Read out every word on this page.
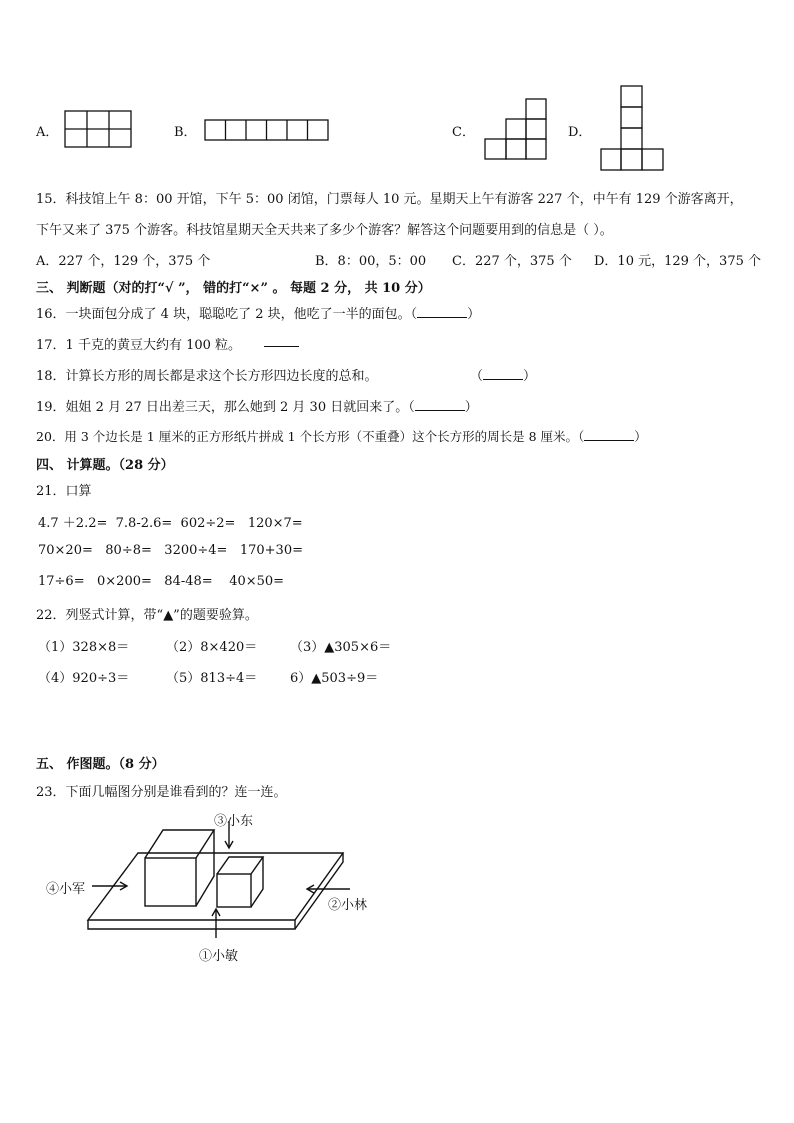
A．	B．	C．	D．
15．科技馆上午 8：00 开馆，下午 5：00 闭馆，门票每人 10 元。星期天上午有游客 227 个，中午有 129 个游客离开，
下午又来了 375 个游客。科技馆星期天全天共来了多少个游客？解答这个问题要用到的信息是（ ）。
A．227 个，129 个，375 个	B．8：00，5：00 C．227 个，375 个 D．10 元，129 个，375 个
三、 判断题（对的打“√ ”， 错的打“×” 。 每题 2 分， 共 10 分）
16．一块面包分成了 4 块，聪聪吃了 2 块，他吃了一半的面包。（	）
17．1 千克的黄豆大约有 100 粒。
18．计算长方形的周长都是求这个长方形四边长度的总和。	（	）
19．姐姐 2 月 27 日出差三天，那么她到 2 月 30 日就回来了。（	）
20．用 3 个边长是 1 厘米的正方形纸片拼成 1 个长方形（不重叠）这个长方形的周长是 8 厘米。（	）
四、 计算题。（28 分）
21．口算
4.7 ＋2.2= 7.8-2.6= 602÷2= 120×7=
70×20= 80÷8= 3200÷4= 170+30=
17÷6= 0×200= 84-48= 40×50=
22．列竖式计算，带“▲”的题要验算。
（1）328×8＝	（2）8×420＝	（3）▲305×6＝
（4）920÷3＝	（5）813÷4＝	6）▲503÷9＝
五、 作图题。（8 分）
23．下面几幅图分别是谁看到的？连一连。
③小东
④小军
②小林
①小敏
